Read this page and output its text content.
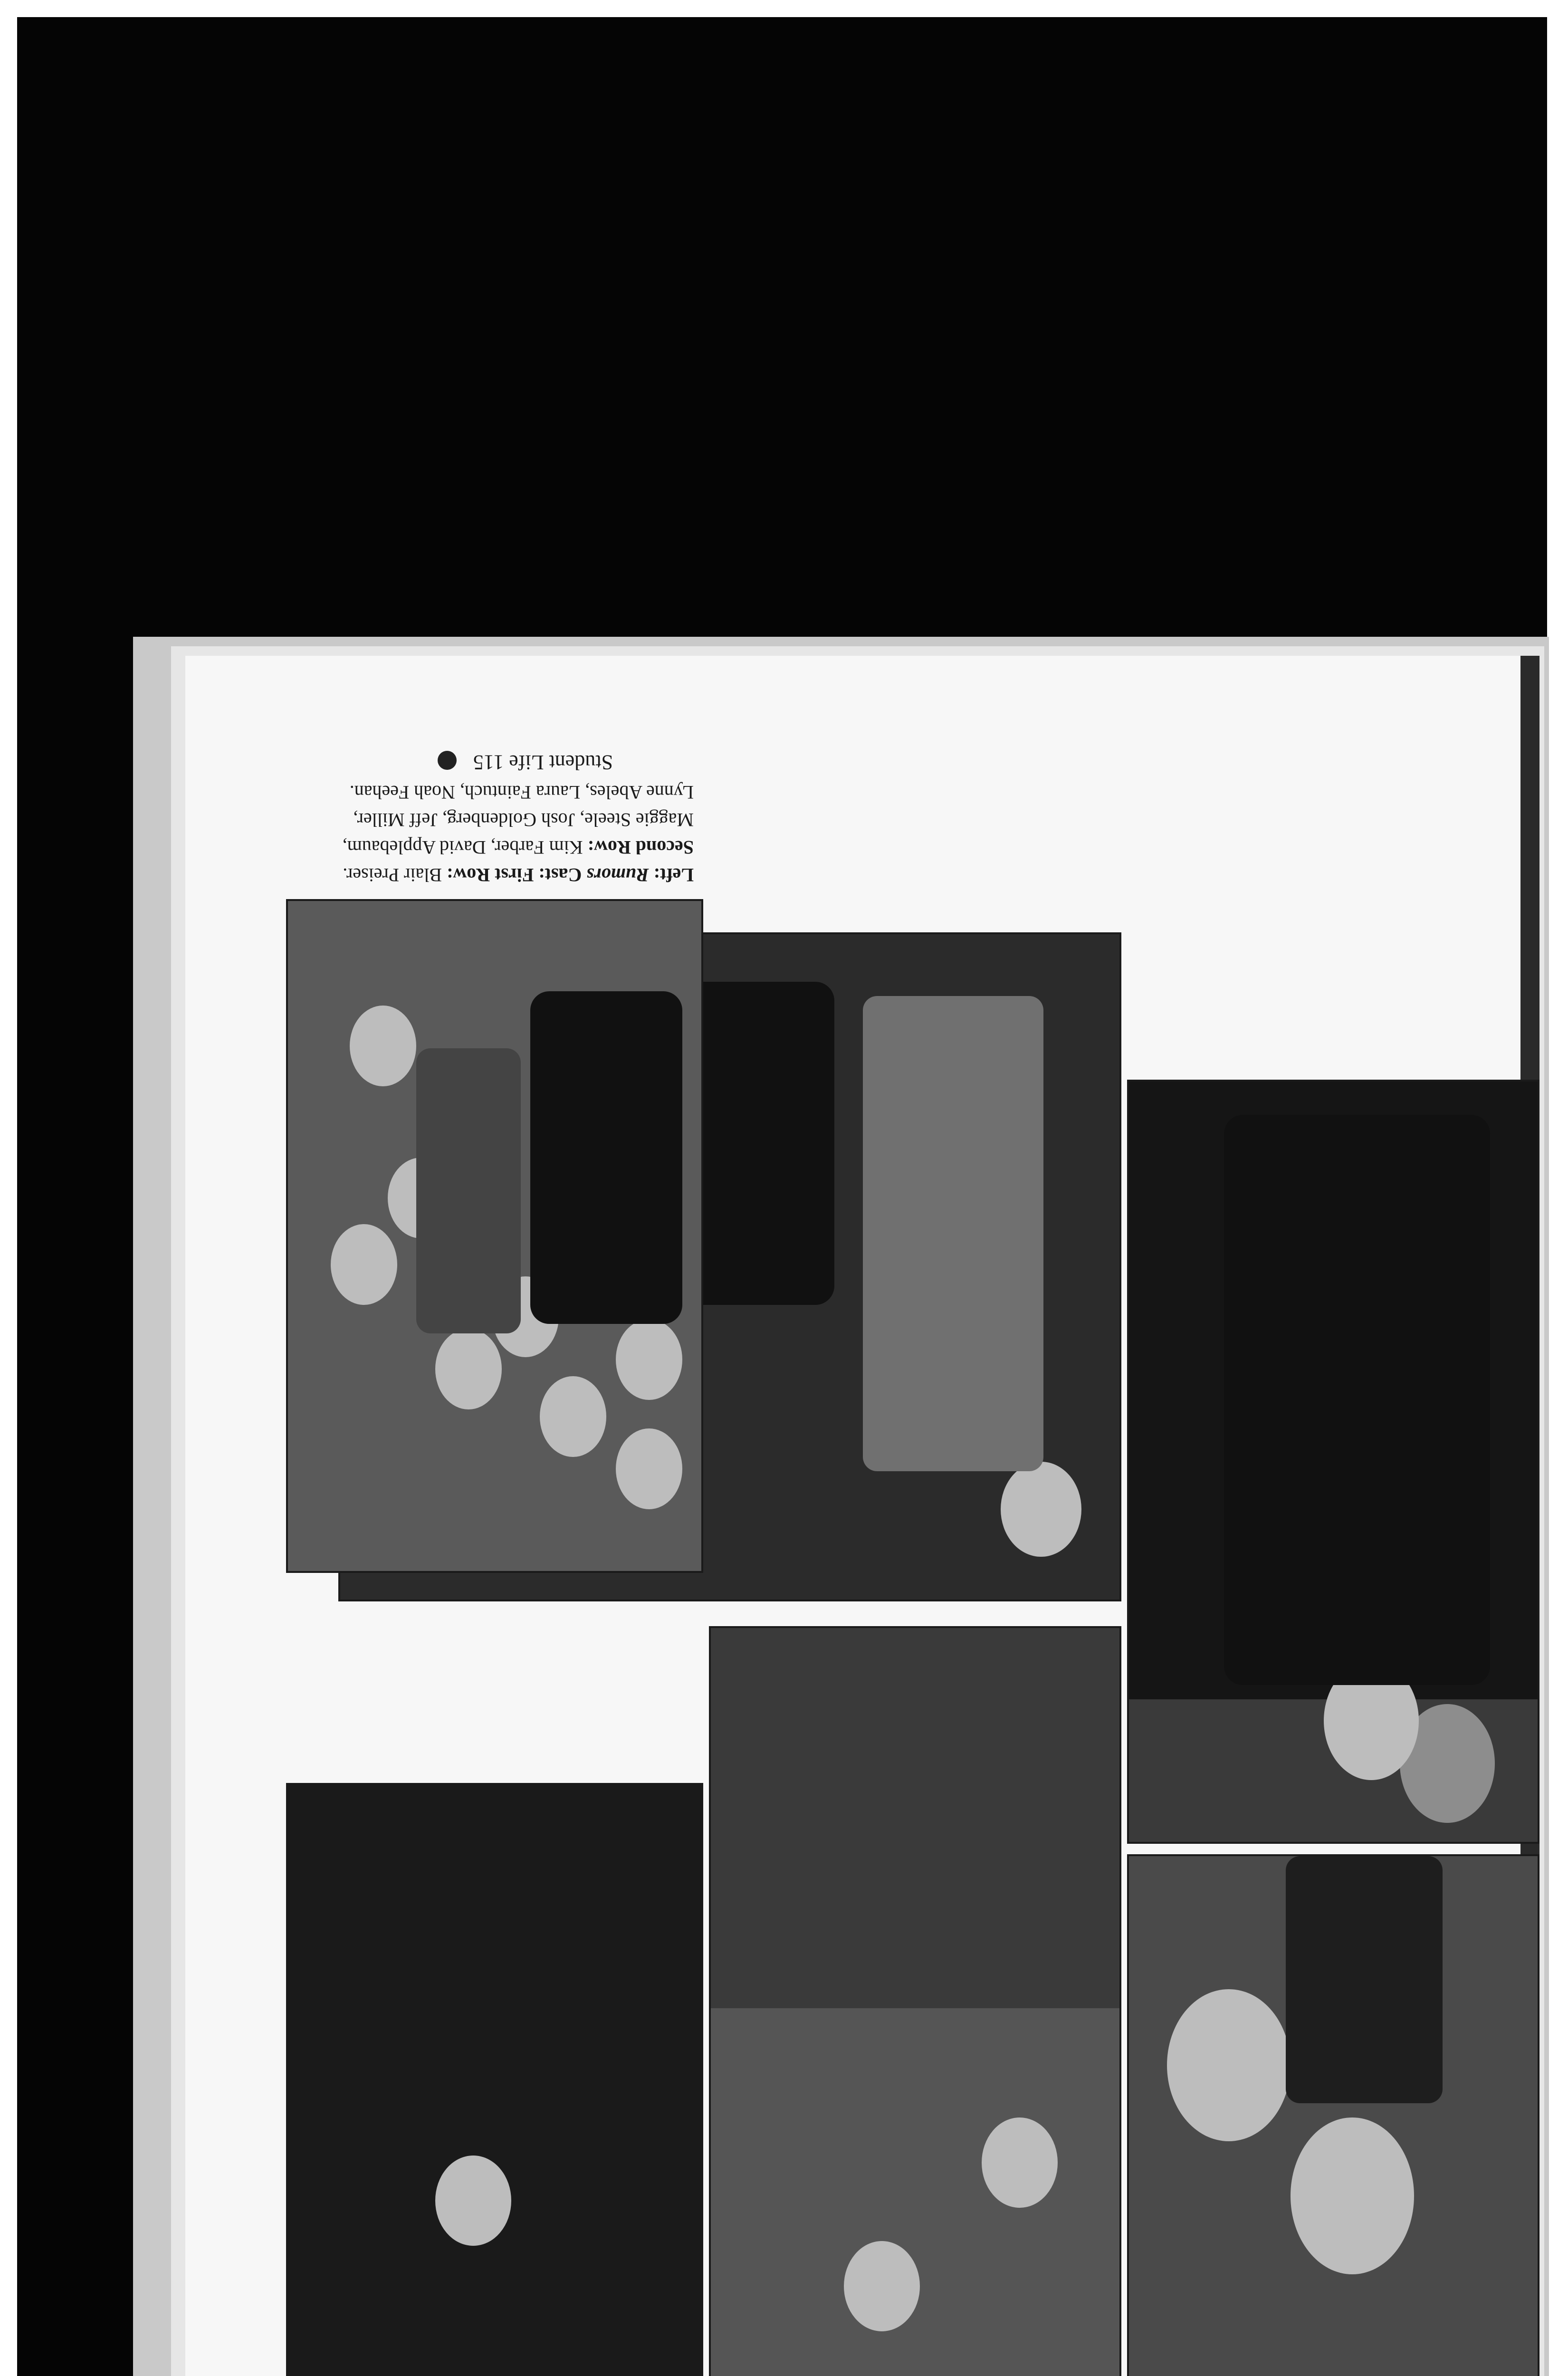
Left: Rumors Cast: First Row: Blair Preiser. Second Row: Kim Farber, David Applebaum, Maggie Steele, Josh Goldenberg, Jeff Miller, Lynne Abeles, Laura Faintuch, Noah Feehan.
Student Life 115
